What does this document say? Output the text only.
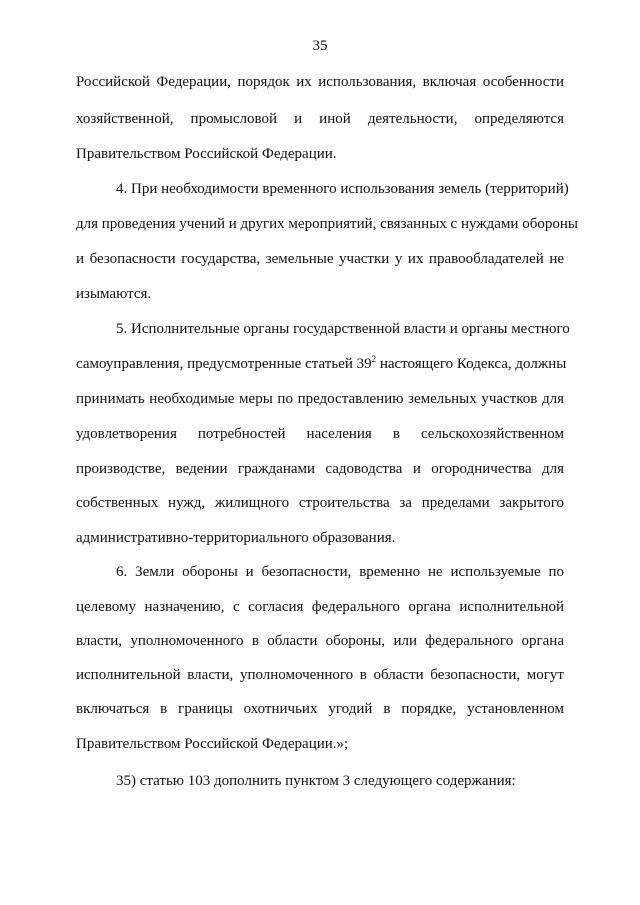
35
Российской Федерации, порядок их использования, включая особенности
хозяйственной, промысловой и иной деятельности, определяются
Правительством Российской Федерации.
4. При необходимости временного использования земель (территорий)
для проведения учений и других мероприятий, связанных с нуждами обороны
и безопасности государства, земельные участки у их правообладателей не
изымаются.
5. Исполнительные органы государственной власти и органы местного
самоуправления, предусмотренные статьей $39^2$ настоящего Кодекса, должны
принимать необходимые меры по предоставлению земельных участков для
удовлетворения потребностей населения в сельскохозяйственном
производстве, ведении гражданами садоводства и огородничества для
собственных нужд, жилищного строительства за пределами закрытого
административно-территориального образования.
6. Земли обороны и безопасности, временно не используемые по
целевому назначению, с согласия федерального органа исполнительной
власти, уполномоченного в области обороны, или федерального органа
исполнительной власти, уполномоченного в области безопасности, могут
включаться в границы охотничьих угодий в порядке, установленном
Правительством Российской Федерации.»;
35) статью 103 дополнить пунктом 3 следующего содержания:
